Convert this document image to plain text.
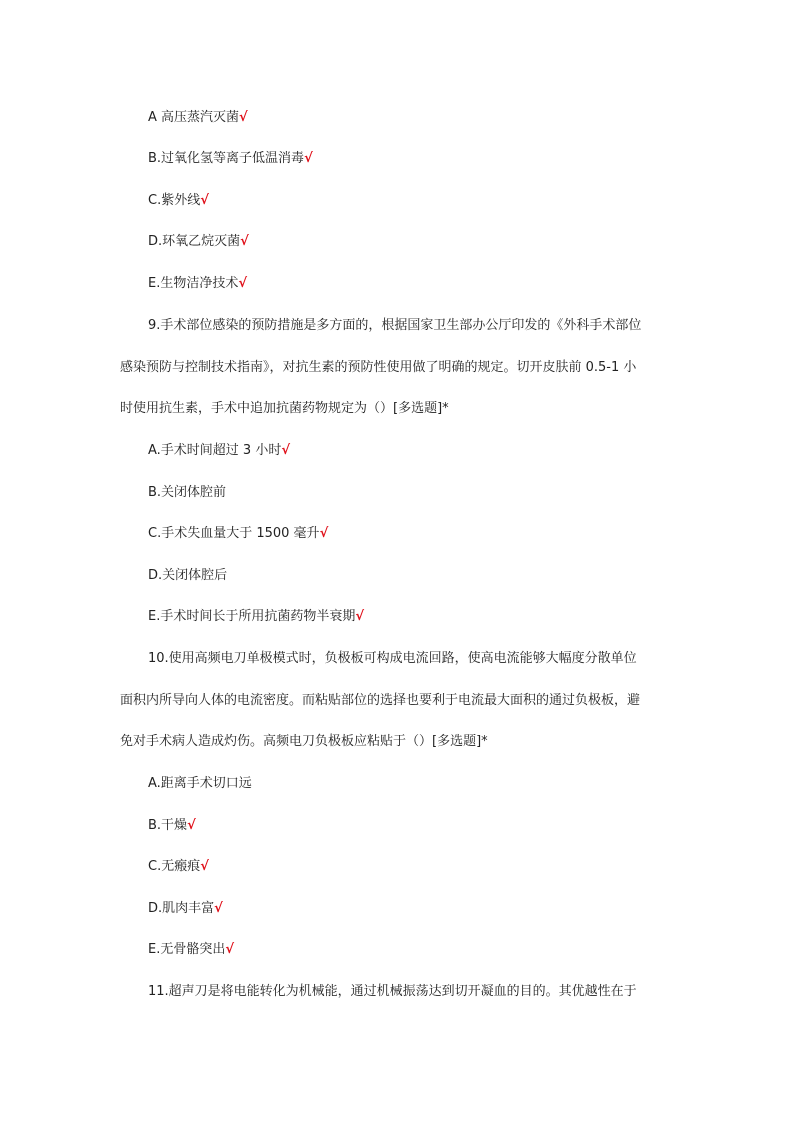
A 高压蒸汽灭菌√
B.过氧化氢等离子低温消毒√
C.紫外线√
D.环氧乙烷灭菌√
E.生物洁净技术√
9.手术部位感染的预防措施是多方面的，根据国家卫生部办公厅印发的《外科手术部位
感染预防与控制技术指南》，对抗生素的预防性使用做了明确的规定。切开皮肤前 0.5-1 小
时使用抗生素，手术中追加抗菌药物规定为（）[多选题]*
A.手术时间超过 3 小时√
B.关闭体腔前
C.手术失血量大于 1500 毫升√
D.关闭体腔后
E.手术时间长于所用抗菌药物半衰期√
10.使用高频电刀单极模式时，负极板可构成电流回路，使高电流能够大幅度分散单位
面积内所导向人体的电流密度。而粘贴部位的选择也要利于电流最大面积的通过负极板，避
免对手术病人造成灼伤。高频电刀负极板应粘贴于（）[多选题]*
A.距离手术切口远
B.干燥√
C.无瘢痕√
D.肌肉丰富√
E.无骨骼突出√
11.超声刀是将电能转化为机械能，通过机械振荡达到切开凝血的目的。其优越性在于
